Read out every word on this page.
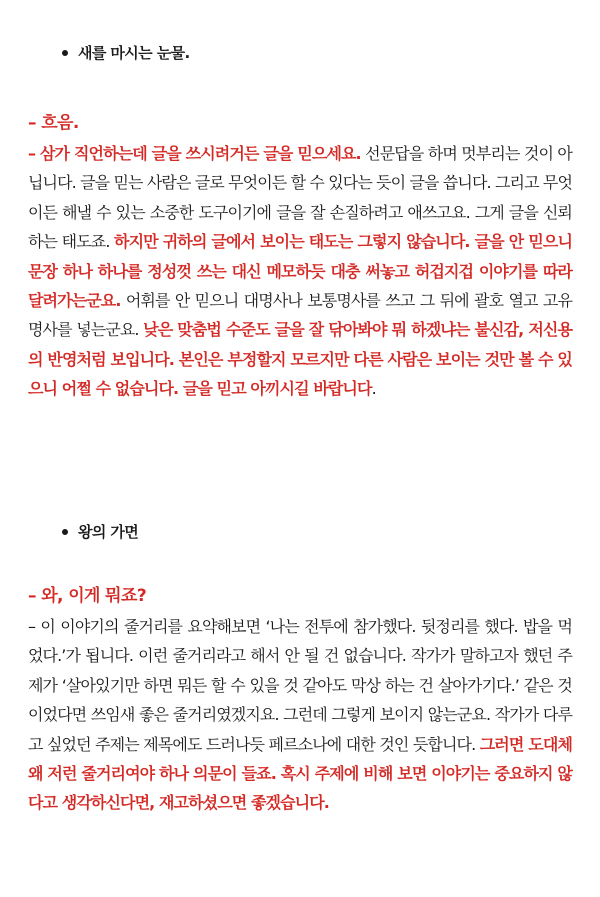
새를 마시는 눈물.
– 흐음.
– 삼가 직언하는데 글을 쓰시려거든 글을 믿으세요. 선문답을 하며 멋부리는 것이 아닙니다. 글을 믿는 사람은 글로 무엇이든 할 수 있다는 듯이 글을 씁니다. 그리고 무엇이든 해낼 수 있는 소중한 도구이기에 글을 잘 손질하려고 애쓰고요. 그게 글을 신뢰하는 태도죠. 하지만 귀하의 글에서 보이는 태도는 그렇지 않습니다. 글을 안 믿으니 문장 하나 하나를 정성껏 쓰는 대신 메모하듯 대충 써놓고 허겁지겁 이야기를 따라 달려가는군요. 어휘를 안 믿으니 대명사나 보통명사를 쓰고 그 뒤에 괄호 열고 고유명사를 넣는군요. 낮은 맞춤법 수준도 글을 잘 닦아봐야 뭐 하겠냐는 불신감, 저신용의 반영처럼 보입니다. 본인은 부정할지 모르지만 다른 사람은 보이는 것만 볼 수 있으니 어쩔 수 없습니다. 글을 믿고 아끼시길 바랍니다.
왕의 가면
– 와, 이게 뭐죠?
– 이 이야기의 줄거리를 요약해보면 ‘나는 전투에 참가했다. 뒷정리를 했다. 밥을 먹었다.’가 됩니다. 이런 줄거리라고 해서 안 될 건 없습니다. 작가가 말하고자 했던 주제가 ‘살아있기만 하면 뭐든 할 수 있을 것 같아도 막상 하는 건 살아가기다.’ 같은 것이었다면 쓰임새 좋은 줄거리였겠지요. 그런데 그렇게 보이지 않는군요. 작가가 다루고 싶었던 주제는 제목에도 드러나듯 페르소나에 대한 것인 듯합니다. 그러면 도대체 왜 저런 줄거리여야 하나 의문이 들죠. 혹시 주제에 비해 보면 이야기는 중요하지 않다고 생각하신다면, 재고하셨으면 좋겠습니다.
